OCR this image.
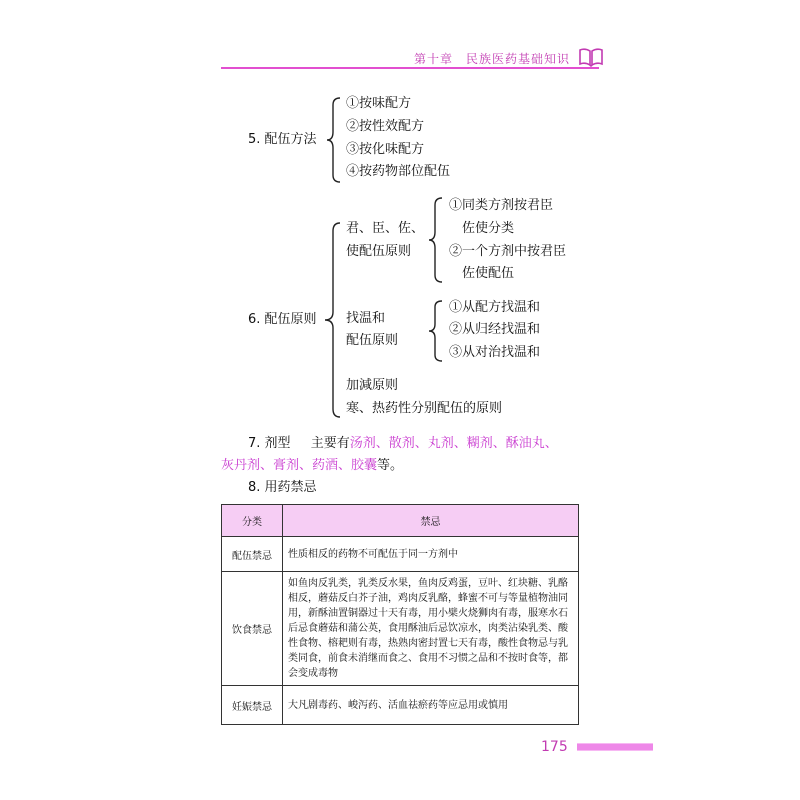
第十章　民族医药基础知识
5. 配伍方法
①按味配方
②按性效配方
③按化味配方
④按药物部位配伍
6. 配伍原则
君、臣、佐、
使配伍原则
①同类方剂按君臣
佐使分类
②一个方剂中按君臣
佐使配伍
找温和
配伍原则
①从配方找温和
②从归经找温和
③从对治找温和
加減原则
寒、热药性分别配伍的原则
7. 剂型 主要有汤剂、散剂、丸剂、糊剂、酥油丸、
灰丹剂、膏剂、药酒、胶囊等。
8. 用药禁忌
分类	禁忌
配伍禁忌	性质相反的药物不可配伍于同一方剂中
饮食禁忌	如鱼肉反乳类，乳类反水果，鱼肉反鸡蛋，豆叶、红块糖、乳酪相反，蘑菇反白芥子油，鸡肉反乳酪，蜂蜜不可与等量植物油同用，新酥油置铜器过十天有毒，用小檗火烧狮肉有毒，服寒水石后忌食蘑菇和蒲公英，食用酥油后忌饮凉水，肉类沾染乳类、酸性食物、榕耙则有毒，热熟肉密封置七天有毒，酸性食物忌与乳类同食，前食未消继而食之、食用不习惯之品和不按时食等，都会变成毒物
妊娠禁忌	大凡剧毒药、峻泻药、活血祛瘀药等应忌用或慎用
175
